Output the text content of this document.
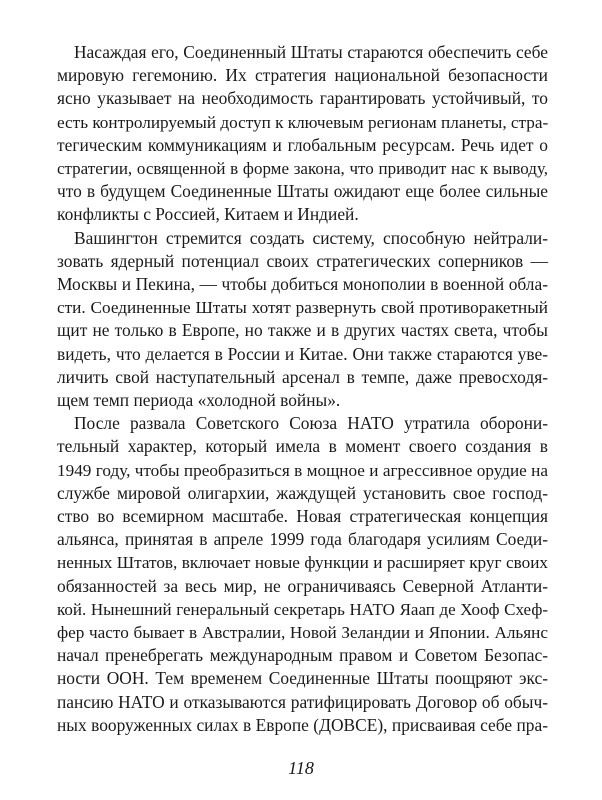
Насаждая его, Соединенный Штаты стараются обеспечить себе
мировую гегемонию. Их стратегия национальной безопасности
ясно указывает на необходимость гарантировать устойчивый, то
есть контролируемый доступ к ключевым регионам планеты, стра-
тегическим коммуникациям и глобальным ресурсам. Речь идет о
стратегии, освященной в форме закона, что приводит нас к выводу,
что в будущем Соединенные Штаты ожидают еще более сильные
конфликты с Россией, Китаем и Индией.
Вашингтон стремится создать систему, способную нейтрали-
зовать ядерный потенциал своих стратегических соперников —
Москвы и Пекина, — чтобы добиться монополии в военной обла-
сти. Соединенные Штаты хотят развернуть свой противоракетный
щит не только в Европе, но также и в других частях света, чтобы
видеть, что делается в России и Китае. Они также стараются уве-
личить свой наступательный арсенал в темпе, даже превосходя-
щем темп периода «холодной войны».
После развала Советского Союза НАТО утратила оборони-
тельный характер, который имела в момент своего создания в
1949 году, чтобы преобразиться в мощное и агрессивное орудие на
службе мировой олигархии, жаждущей установить свое господ-
ство во всемирном масштабе. Новая стратегическая концепция
альянса, принятая в апреле 1999 года благодаря усилиям Соеди-
ненных Штатов, включает новые функции и расширяет круг своих
обязанностей за весь мир, не ограничиваясь Северной Атланти-
кой. Нынешний генеральный секретарь НАТО Яаап де Хооф Схеф-
фер часто бывает в Австралии, Новой Зеландии и Японии. Альянс
начал пренебрегать международным правом и Советом Безопас-
ности ООН. Тем временем Соединенные Штаты поощряют экс-
пансию НАТО и отказываются ратифицировать Договор об обыч-
ных вооруженных силах в Европе (ДОВСЕ), присваивая себе пра-
118
